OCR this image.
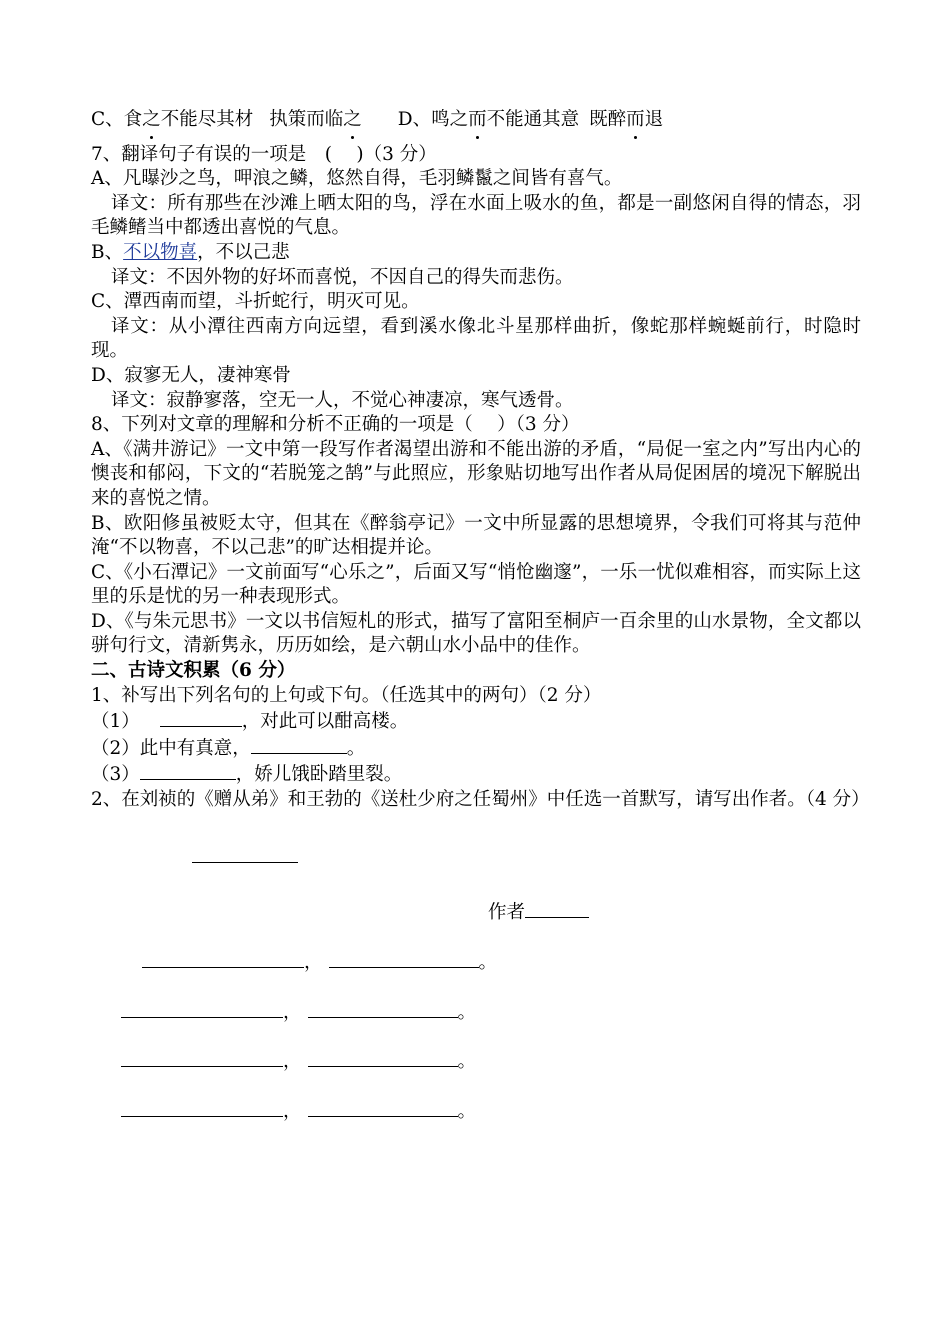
C、食之不能尽其材 执策而临之 D、鸣之而不能通其意 既醉而退
7、翻译句子有误的一项是　(　 )（3 分）
A、凡曝沙之鸟，呷浪之鳞，悠然自得，毛羽鳞鬣之间皆有喜气。
译文：所有那些在沙滩上晒太阳的鸟，浮在水面上吸水的鱼，都是一副悠闲自得的情态，羽毛鳞鳍当中都透出喜悦的气息。
B、不以物喜，不以己悲
译文：不因外物的好坏而喜悦，不因自己的得失而悲伤。
C、潭西南而望，斗折蛇行，明灭可见。
译文：从小潭往西南方向远望，看到溪水像北斗星那样曲折，像蛇那样蜿蜒前行，时隐时现。
D、寂寥无人，凄神寒骨
译文：寂静寥落，空无一人，不觉心神凄凉，寒气透骨。
8、下列对文章的理解和分析不正确的一项是（　 ）（3 分）
A、《满井游记》一文中第一段写作者渴望出游和不能出游的矛盾，“局促一室之内”写出内心的懊丧和郁闷，下文的“若脱笼之鹄”与此照应，形象贴切地写出作者从局促困居的境况下解脱出来的喜悦之情。
B、欧阳修虽被贬太守，但其在《醉翁亭记》一文中所显露的思想境界，令我们可将其与范仲淹“不以物喜，不以己悲”的旷达相提并论。
C、《小石潭记》一文前面写“心乐之”，后面又写“悄怆幽邃”，一乐一忧似难相容，而实际上这里的乐是忧的另一种表现形式。
D、《与朱元思书》一文以书信短札的形式，描写了富阳至桐庐一百余里的山水景物，全文都以骈句行文，清新隽永，历历如绘，是六朝山水小品中的佳作。
二、古诗文积累（6 分）
1、补写出下列名句的上句或下句。（任选其中的两句）（2 分）
（1）	，对此可以酣高楼。
（2）此中有真意，	。
（3）	，娇儿饿卧踏里裂。
2、在刘祯的《赠从弟》和王勃的《送杜少府之任蜀州》中任选一首默写，请写出作者。（4 分）
作者
，	。
，	。
，	。
，	。
